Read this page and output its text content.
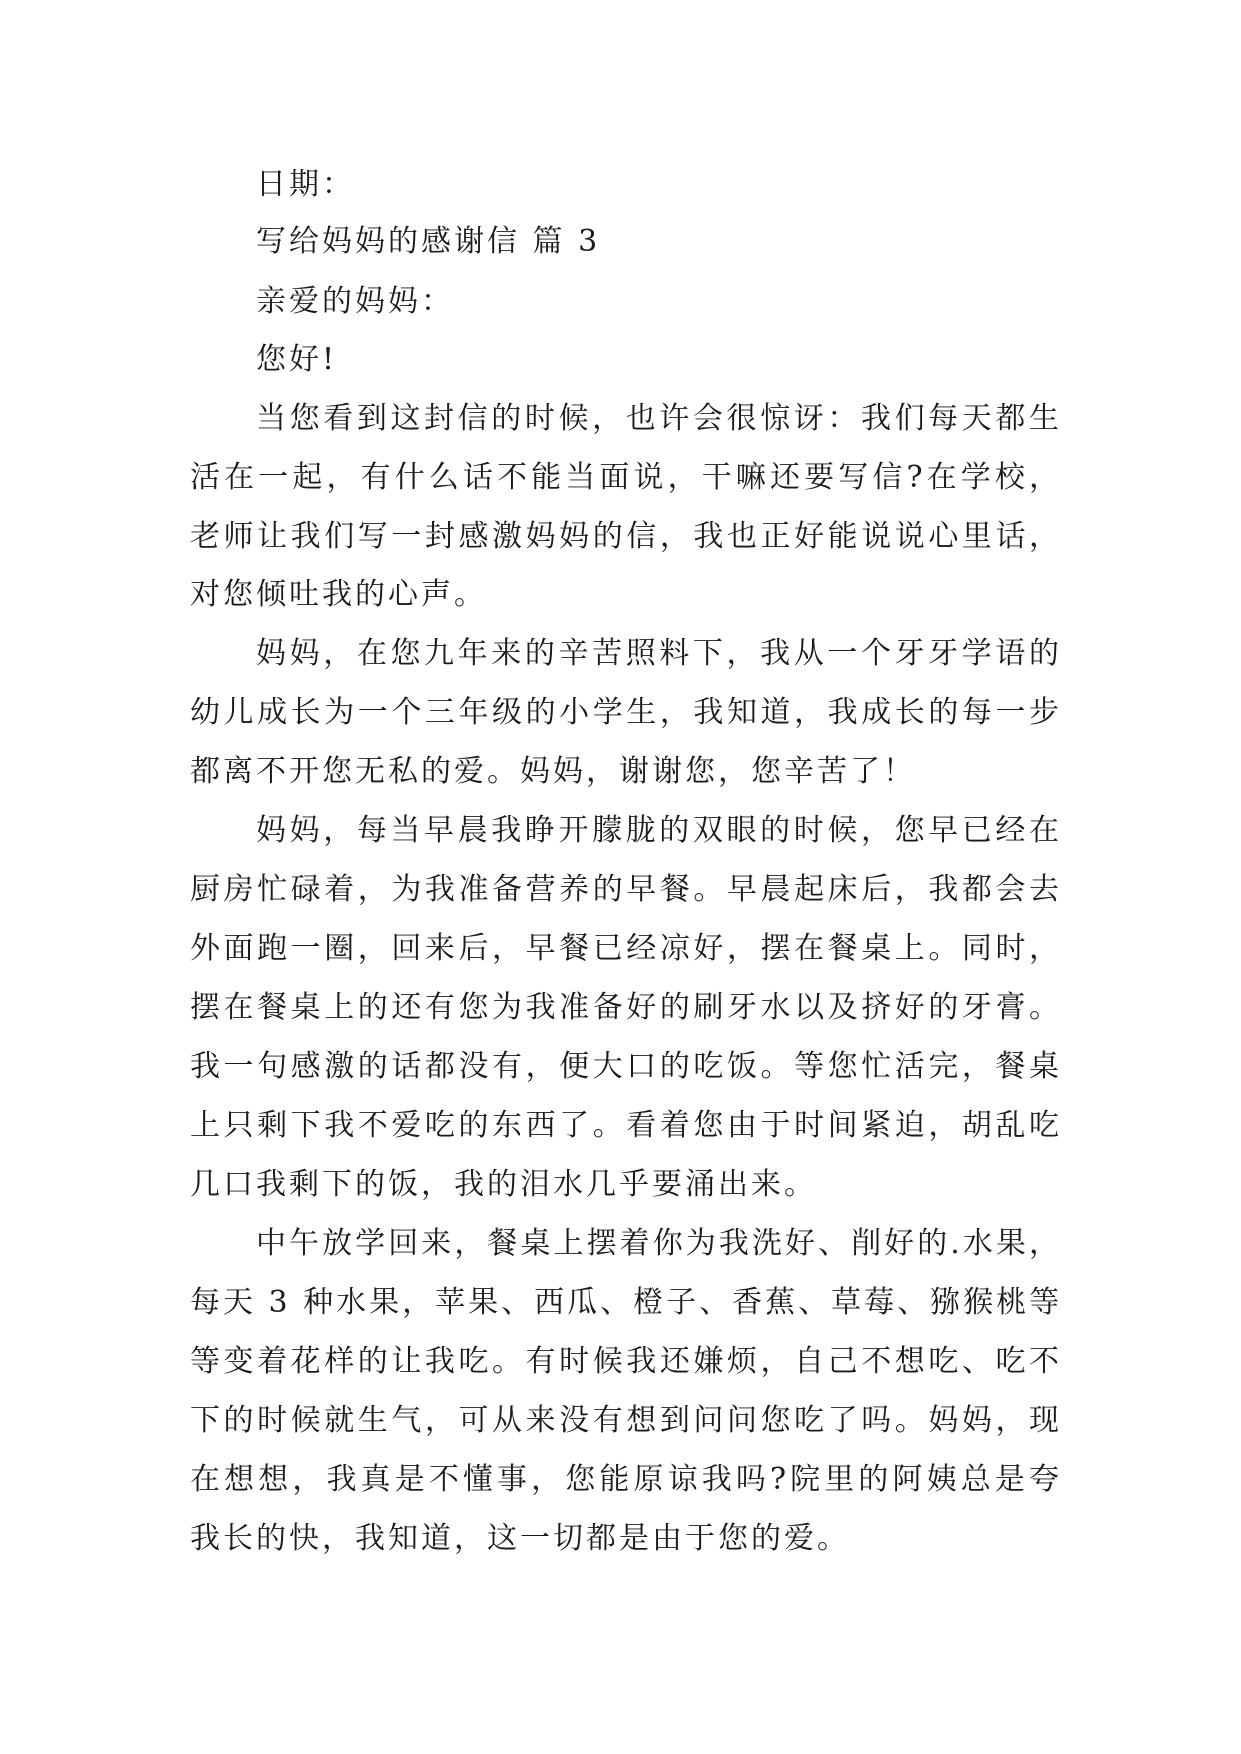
日期：
写给妈妈的感谢信 篇 3
亲爱的妈妈：
您好!
当您看到这封信的时候，也许会很惊讶：我们每天都生
活在一起，有什么话不能当面说，干嘛还要写信?在学校，
老师让我们写一封感激妈妈的信，我也正好能说说心里话，
对您倾吐我的心声。
妈妈，在您九年来的辛苦照料下，我从一个牙牙学语的
幼儿成长为一个三年级的小学生，我知道，我成长的每一步
都离不开您无私的爱。妈妈，谢谢您，您辛苦了！
妈妈，每当早晨我睁开朦胧的双眼的时候，您早已经在
厨房忙碌着，为我准备营养的早餐。早晨起床后，我都会去
外面跑一圈，回来后，早餐已经凉好，摆在餐桌上。同时，
摆在餐桌上的还有您为我准备好的刷牙水以及挤好的牙膏。
我一句感激的话都没有，便大口的吃饭。等您忙活完，餐桌
上只剩下我不爱吃的东西了。看着您由于时间紧迫，胡乱吃
几口我剩下的饭，我的泪水几乎要涌出来。
中午放学回来，餐桌上摆着你为我洗好、削好的.水果，
每天 3 种水果，苹果、西瓜、橙子、香蕉、草莓、猕猴桃等
等变着花样的让我吃。有时候我还嫌烦，自己不想吃、吃不
下的时候就生气，可从来没有想到问问您吃了吗。妈妈，现
在想想，我真是不懂事，您能原谅我吗?院里的阿姨总是夸
我长的快，我知道，这一切都是由于您的爱。
